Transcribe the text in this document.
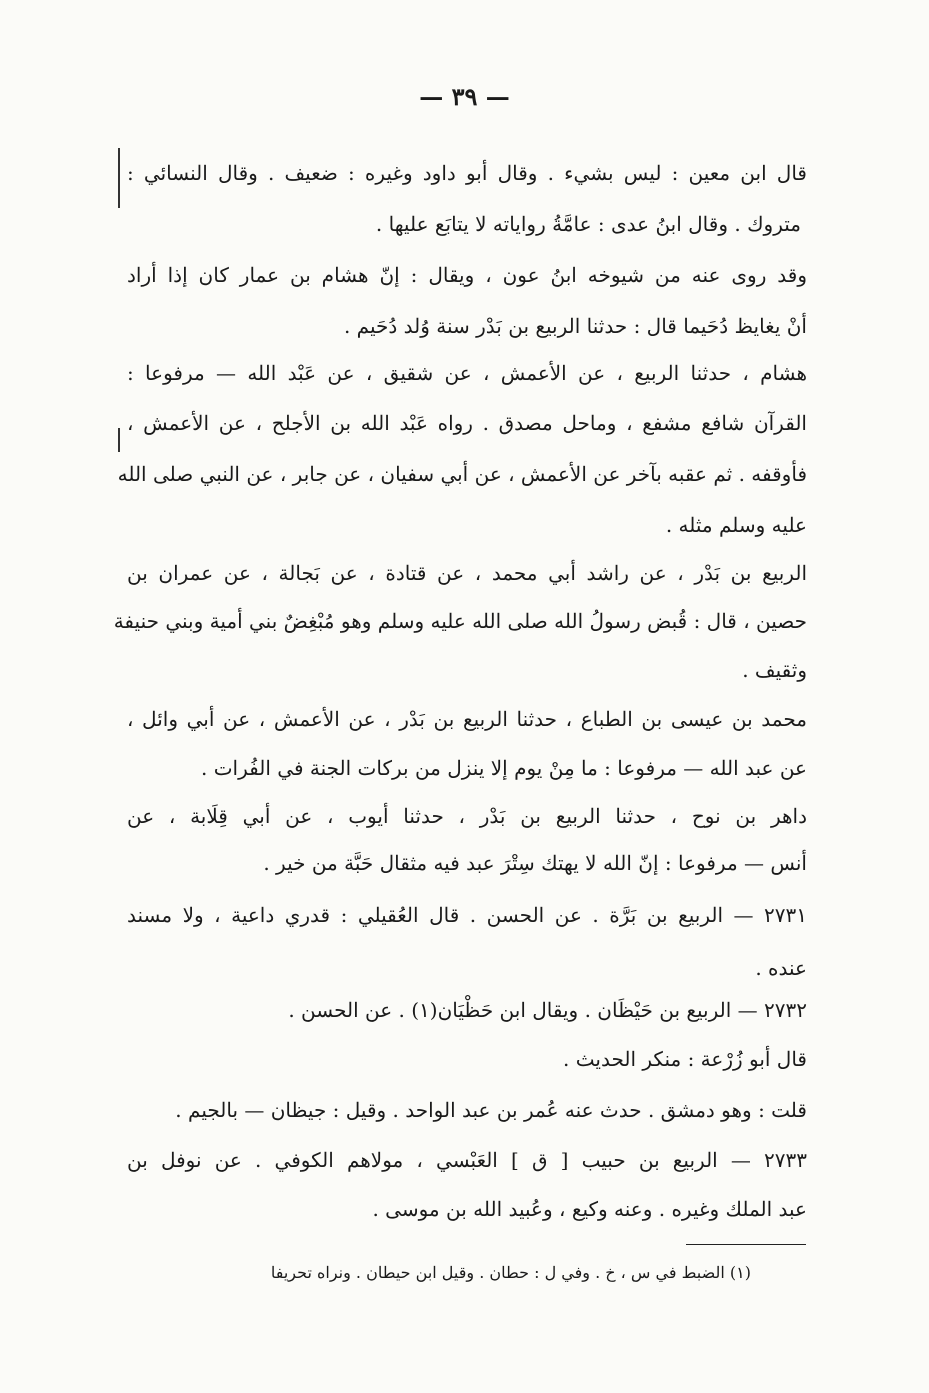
— ٣٩ —
قال ابن معين : ليس بشيء . وقال أبو داود وغيره : ضعيف . وقال النسائي :
متروك . وقال ابنُ عدى : عامَّةُ رواياته لا يتابَع عليها .
وقد روى عنه من شيوخه ابنُ عون ، ويقال : إنّ هشام بن عمار كان إذا أراد
أنْ يغايظ دُحَيما قال : حدثنا الربيع بن بَدْر سنة وُلد دُحَيم .
هشام ، حدثنا الربيع ، عن الأعمش ، عن شقيق ، عن عَبْد الله — مرفوعا :
القرآن شافع مشفع ، وماحل مصدق . رواه عَبْد الله بن الأجلح ، عن الأعمش ،
فأوقفه . ثم عقبه بآخر عن الأعمش ، عن أبي سفيان ، عن جابر ، عن النبي صلى الله
عليه وسلم مثله .
الربيع بن بَدْر ، عن راشد أبي محمد ، عن قتادة ، عن بَجالة ، عن عمران بن
حصين ، قال : قُبض رسولُ الله صلى الله عليه وسلم وهو مُبْغِضٌ بني أمية وبني حنيفة
وثقيف .
محمد بن عيسى بن الطباع ، حدثنا الربيع بن بَدْر ، عن الأعمش ، عن أبي وائل ،
عن عبد الله — مرفوعا : ما مِنْ يوم إلا ينزل من بركات الجنة في الفُرات .
داهر بن نوح ، حدثنا الربيع بن بَدْر ، حدثنا أيوب ، عن أبي قِلَابة ، عن
أنس — مرفوعا : إنّ الله لا يهتك سِتْرَ عبد فيه مثقال حَبَّة من خير .
٢٧٣١ — الربيع بن بَرَّة . عن الحسن . قال العُقيلي : قدري داعية ، ولا مسند
عنده .
٢٧٣٢ — الربيع بن حَيْظَان . ويقال ابن حَظْيَان(١) . عن الحسن .
قال أبو زُرْعة : منكر الحديث .
قلت : وهو دمشق . حدث عنه عُمر بن عبد الواحد . وقيل : جيظان — بالجيم .
٢٧٣٣ — الربيع بن حبيب [ ق ] العَبْسي ، مولاهم الكوفي . عن نوفل بن
عبد الملك وغيره . وعنه وكيع ، وعُبيد الله بن موسى .
(١) الضبط في س ، خ . وفي ل : حطان . وقيل ابن حيطان . ونراه تحريفا
